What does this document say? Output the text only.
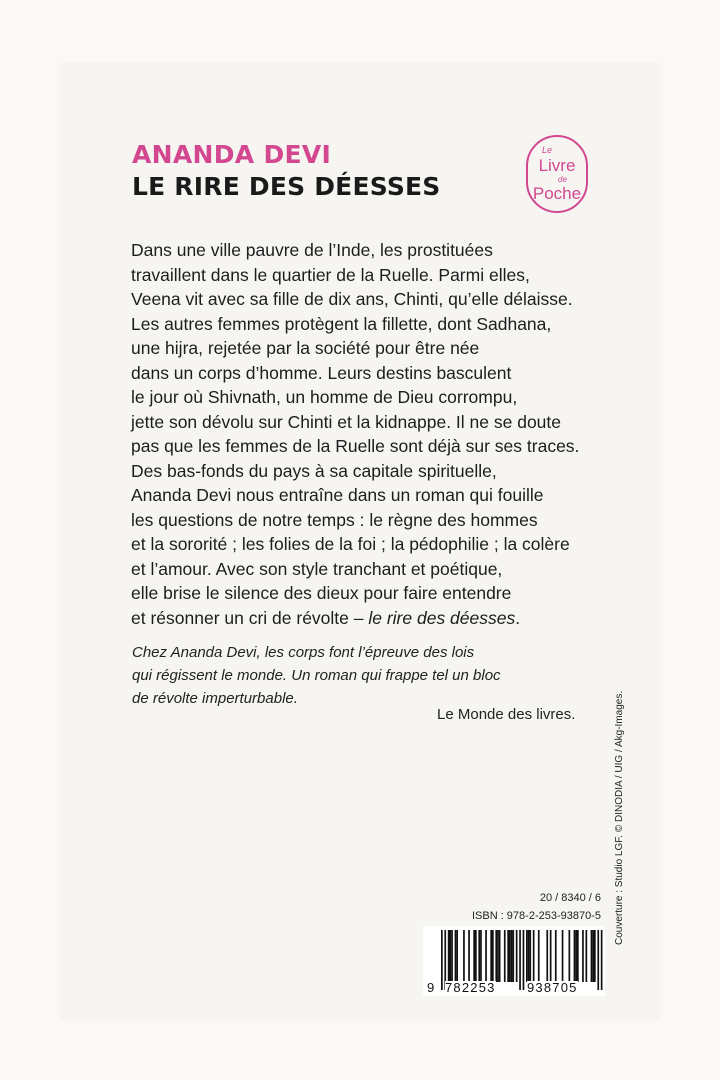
ANANDA DEVI
LE RIRE DES DÉESSES
Le
Livre
de
Poche
Dans une ville pauvre de l’Inde, les prostituées
travaillent dans le quartier de la Ruelle. Parmi elles,
Veena vit avec sa fille de dix ans, Chinti, qu’elle délaisse.
Les autres femmes protègent la fillette, dont Sadhana,
une hijra, rejetée par la société pour être née
dans un corps d’homme. Leurs destins basculent
le jour où Shivnath, un homme de Dieu corrompu,
jette son dévolu sur Chinti et la kidnappe. Il ne se doute
pas que les femmes de la Ruelle sont déjà sur ses traces.
Des bas-fonds du pays à sa capitale spirituelle,
Ananda Devi nous entraîne dans un roman qui fouille
les questions de notre temps : le règne des hommes
et la sororité ; les folies de la foi ; la pédophilie ; la colère
et l’amour. Avec son style tranchant et poétique,
elle brise le silence des dieux pour faire entendre
et résonner un cri de révolte – le rire des déesses.
Chez Ananda Devi, les corps font l’épreuve des lois
qui régissent le monde. Un roman qui frappe tel un bloc
de révolte imperturbable.
Le Monde des livres.	Couverture : Studio LGF. © DINODIA / UIG / Akg-Images.
20 / 8340 / 6
ISBN : 978-2-253-93870-5
9 782253 938705
